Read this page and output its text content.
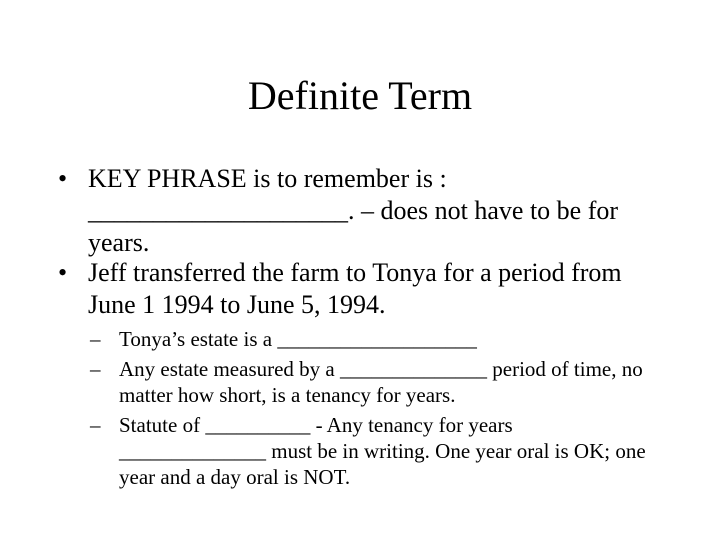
Definite Term

• KEY PHRASE is to remember is : ____________________. – does not have to be for years.

• Jeff transferred the farm to Tonya for a period from June 1 1994 to June 5, 1994.

– Tonya’s estate is a ___________________

– Any estate measured by a ______________ period of time, no matter how short, is a tenancy for years.

– Statute of __________ - Any tenancy for years ______________ must be in writing. One year oral is OK; one year and a day oral is NOT.
